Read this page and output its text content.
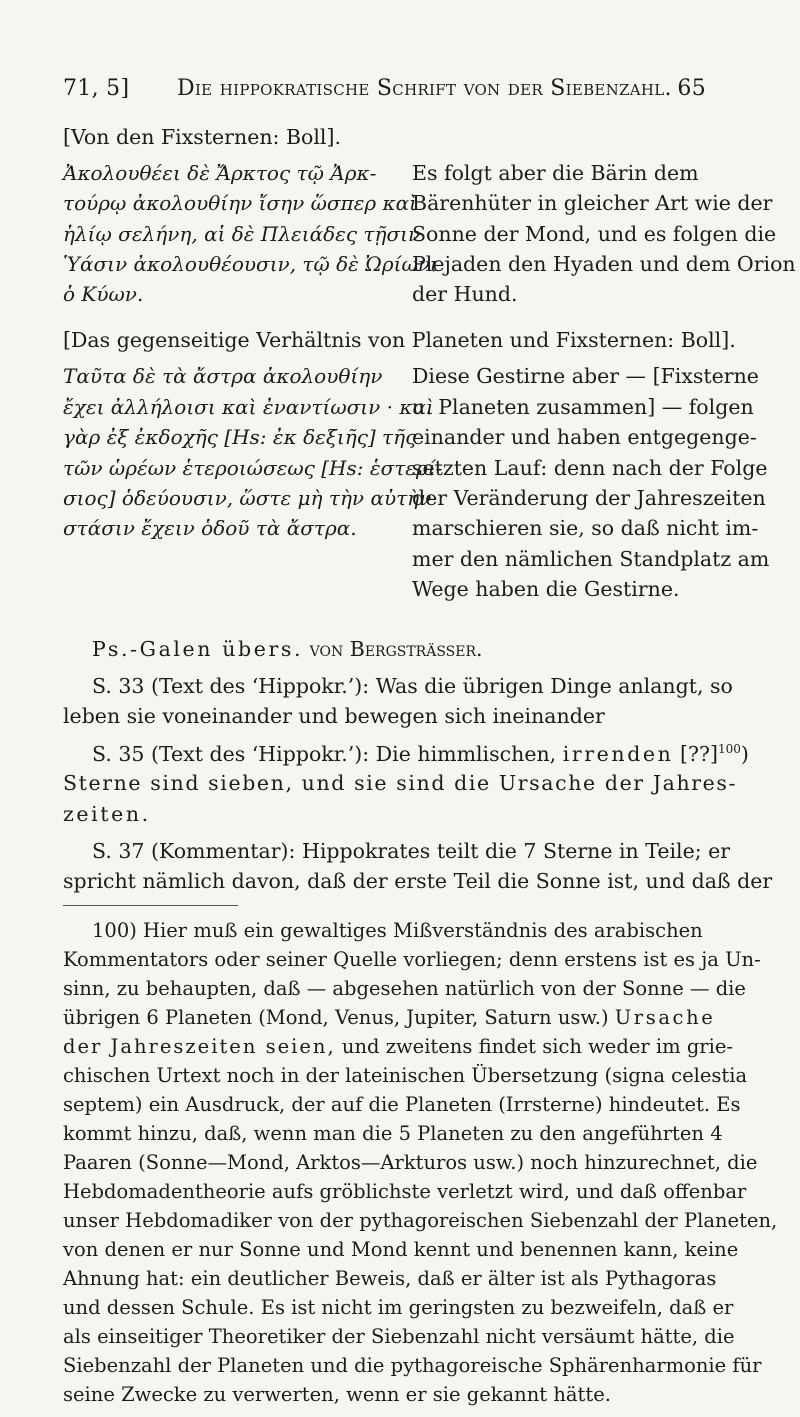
71, 5] Die hippokratische Schrift von der Siebenzahl. 65
[Von den Fixsternen: Boll].
Ἀκολουθέει δὲ Ἄρκτος τῷ Ἀρκ-
τούρῳ ἀκολουθίην ἴσην ὥσπερ καὶ
ἡλίῳ σελήνη, αἱ δὲ Πλειάδες τῇσιν
Ὑάσιν ἀκολουθέουσιν, τῷ δὲ Ὠρίωνι
ὁ Κύων.
Es folgt aber die Bärin dem
Bärenhüter in gleicher Art wie der
Sonne der Mond, und es folgen die
Plejaden den Hyaden und dem Orion
der Hund.
[Das gegenseitige Verhältnis von Planeten und Fixsternen: Boll].
Ταῦτα δὲ τὰ ἄστρα ἀκολουθίην
ἔχει ἀλλήλοισι καὶ ἐναντίωσιν · καὶ
γὰρ ἐξ ἐκδοχῆς [Hs: ἐκ δεξιῆς] τῆς
τῶν ὡρέων ἑτεροιώσεως [Hs: ἑστερί-
σιος] ὁδεύουσιν, ὥστε μὴ τὴν αὐτὴν
στάσιν ἔχειν ὁδοῦ τὰ ἄστρα.
Diese Gestirne aber — [Fixsterne
u. Planeten zusammen] — folgen
einander und haben entgegenge-
setzten Lauf: denn nach der Folge
der Veränderung der Jahreszeiten
marschieren sie, so daß nicht im-
mer den nämlichen Standplatz am
Wege haben die Gestirne.
Ps.-Galen übers. von Bergsträsser.
S. 33 (Text des ‘Hippokr.’): Was die übrigen Dinge anlangt, so
leben sie voneinander und bewegen sich ineinander
S. 35 (Text des ‘Hippokr.’): Die himmlischen, irrenden [??]$^{100}$)
Sterne sind sieben, und sie sind die Ursache der Jahres-
zeiten.
S. 37 (Kommentar): Hippokrates teilt die 7 Sterne in Teile; er
spricht nämlich davon, daß der erste Teil die Sonne ist, und daß der
100) Hier muß ein gewaltiges Mißverständnis des arabischen
Kommentators oder seiner Quelle vorliegen; denn erstens ist es ja Un-
sinn, zu behaupten, daß — abgesehen natürlich von der Sonne — die
übrigen 6 Planeten (Mond, Venus, Jupiter, Saturn usw.) Ursache
der Jahreszeiten seien, und zweitens findet sich weder im grie-
chischen Urtext noch in der lateinischen Übersetzung (signa celestia
septem) ein Ausdruck, der auf die Planeten (Irrsterne) hindeutet. Es
kommt hinzu, daß, wenn man die 5 Planeten zu den angeführten 4
Paaren (Sonne—Mond, Arktos—Arkturos usw.) noch hinzurechnet, die
Hebdomadentheorie aufs gröblichste verletzt wird, und daß offenbar
unser Hebdomadiker von der pythagoreischen Siebenzahl der Planeten,
von denen er nur Sonne und Mond kennt und benennen kann, keine
Ahnung hat: ein deutlicher Beweis, daß er älter ist als Pythagoras
und dessen Schule. Es ist nicht im geringsten zu bezweifeln, daß er
als einseitiger Theoretiker der Siebenzahl nicht versäumt hätte, die
Siebenzahl der Planeten und die pythagoreische Sphärenharmonie für
seine Zwecke zu verwerten, wenn er sie gekannt hätte.
